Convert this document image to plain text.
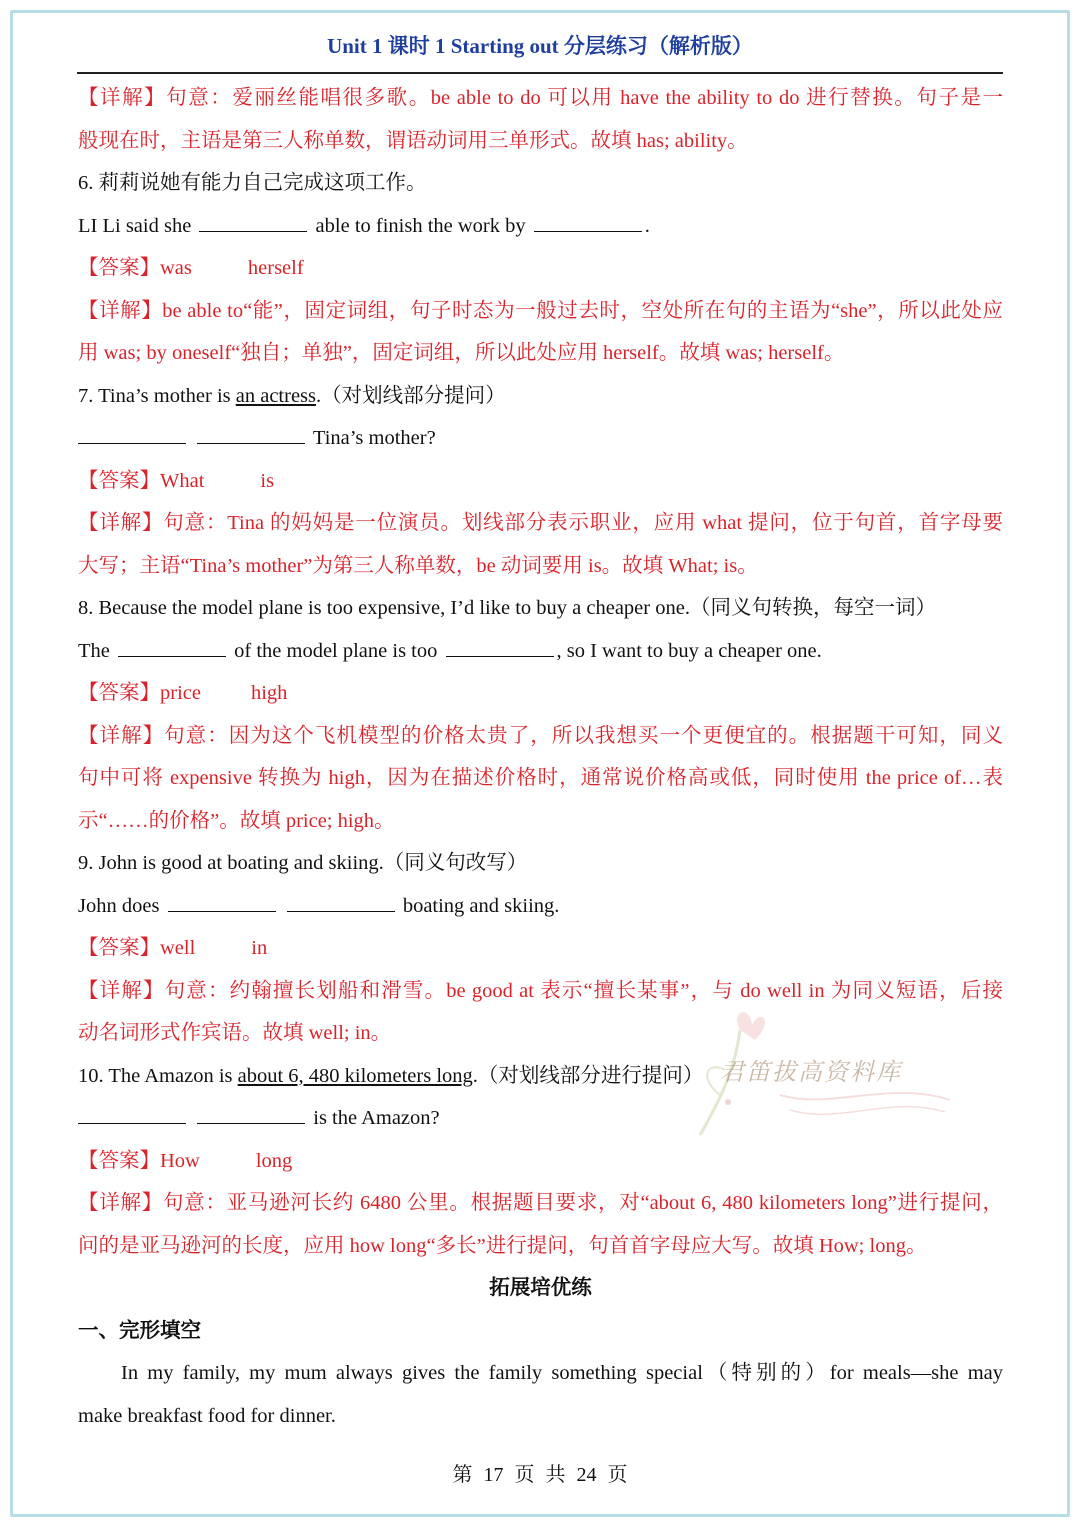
Unit 1 课时 1 Starting out 分层练习（解析版）
【详解】句意：爱丽丝能唱很多歌。be able to do 可以用 have the ability to do 进行替换。句子是一
般现在时，主语是第三人称单数，谓语动词用三单形式。故填 has; ability。
6. 莉莉说她有能力自己完成这项工作。
LI Li said she	able to finish the work by	.
【答案】was	herself
【详解】be able to“能”，固定词组，句子时态为一般过去时，空处所在句的主语为“she”，所以此处应
用 was; by oneself“独自；单独”，固定词组，所以此处应用 herself。故填 was; herself。
7. Tina’s mother is an actress.（对划线部分提问）
Tina’s mother?
【答案】What	is
【详解】句意：Tina 的妈妈是一位演员。划线部分表示职业，应用 what 提问，位于句首，首字母要
大写；主语“Tina’s mother”为第三人称单数，be 动词要用 is。故填 What; is。
8. Because the model plane is too expensive, I’d like to buy a cheaper one.（同义句转换，每空一词）
The	of the model plane is too	, so I want to buy a cheaper one.
【答案】price high
【详解】句意：因为这个飞机模型的价格太贵了，所以我想买一个更便宜的。根据题干可知，同义
句中可将 expensive 转换为 high，因为在描述价格时，通常说价格高或低，同时使用 the price of…表
示“……的价格”。故填 price; high。
9. John is good at boating and skiing.（同义句改写）
John does	boating and skiing.
【答案】well	in
【详解】句意：约翰擅长划船和滑雪。be good at 表示“擅长某事”，与 do well in 为同义短语，后接
动名词形式作宾语。故填 well; in。
10. The Amazon is about 6, 480 kilometers long.（对划线部分进行提问）
is the Amazon?
【答案】How	long
【详解】句意：亚马逊河长约 6480 公里。根据题目要求，对“about 6, 480 kilometers long”进行提问，
问的是亚马逊河的长度，应用 how long“多长”进行提问，句首首字母应大写。故填 How; long。
拓展培优练
一、完形填空
In my family, my mum always gives the family something special（特别的）for meals—she may
make breakfast food for dinner.
君笛拔高资料库
第 17 页 共 24 页
